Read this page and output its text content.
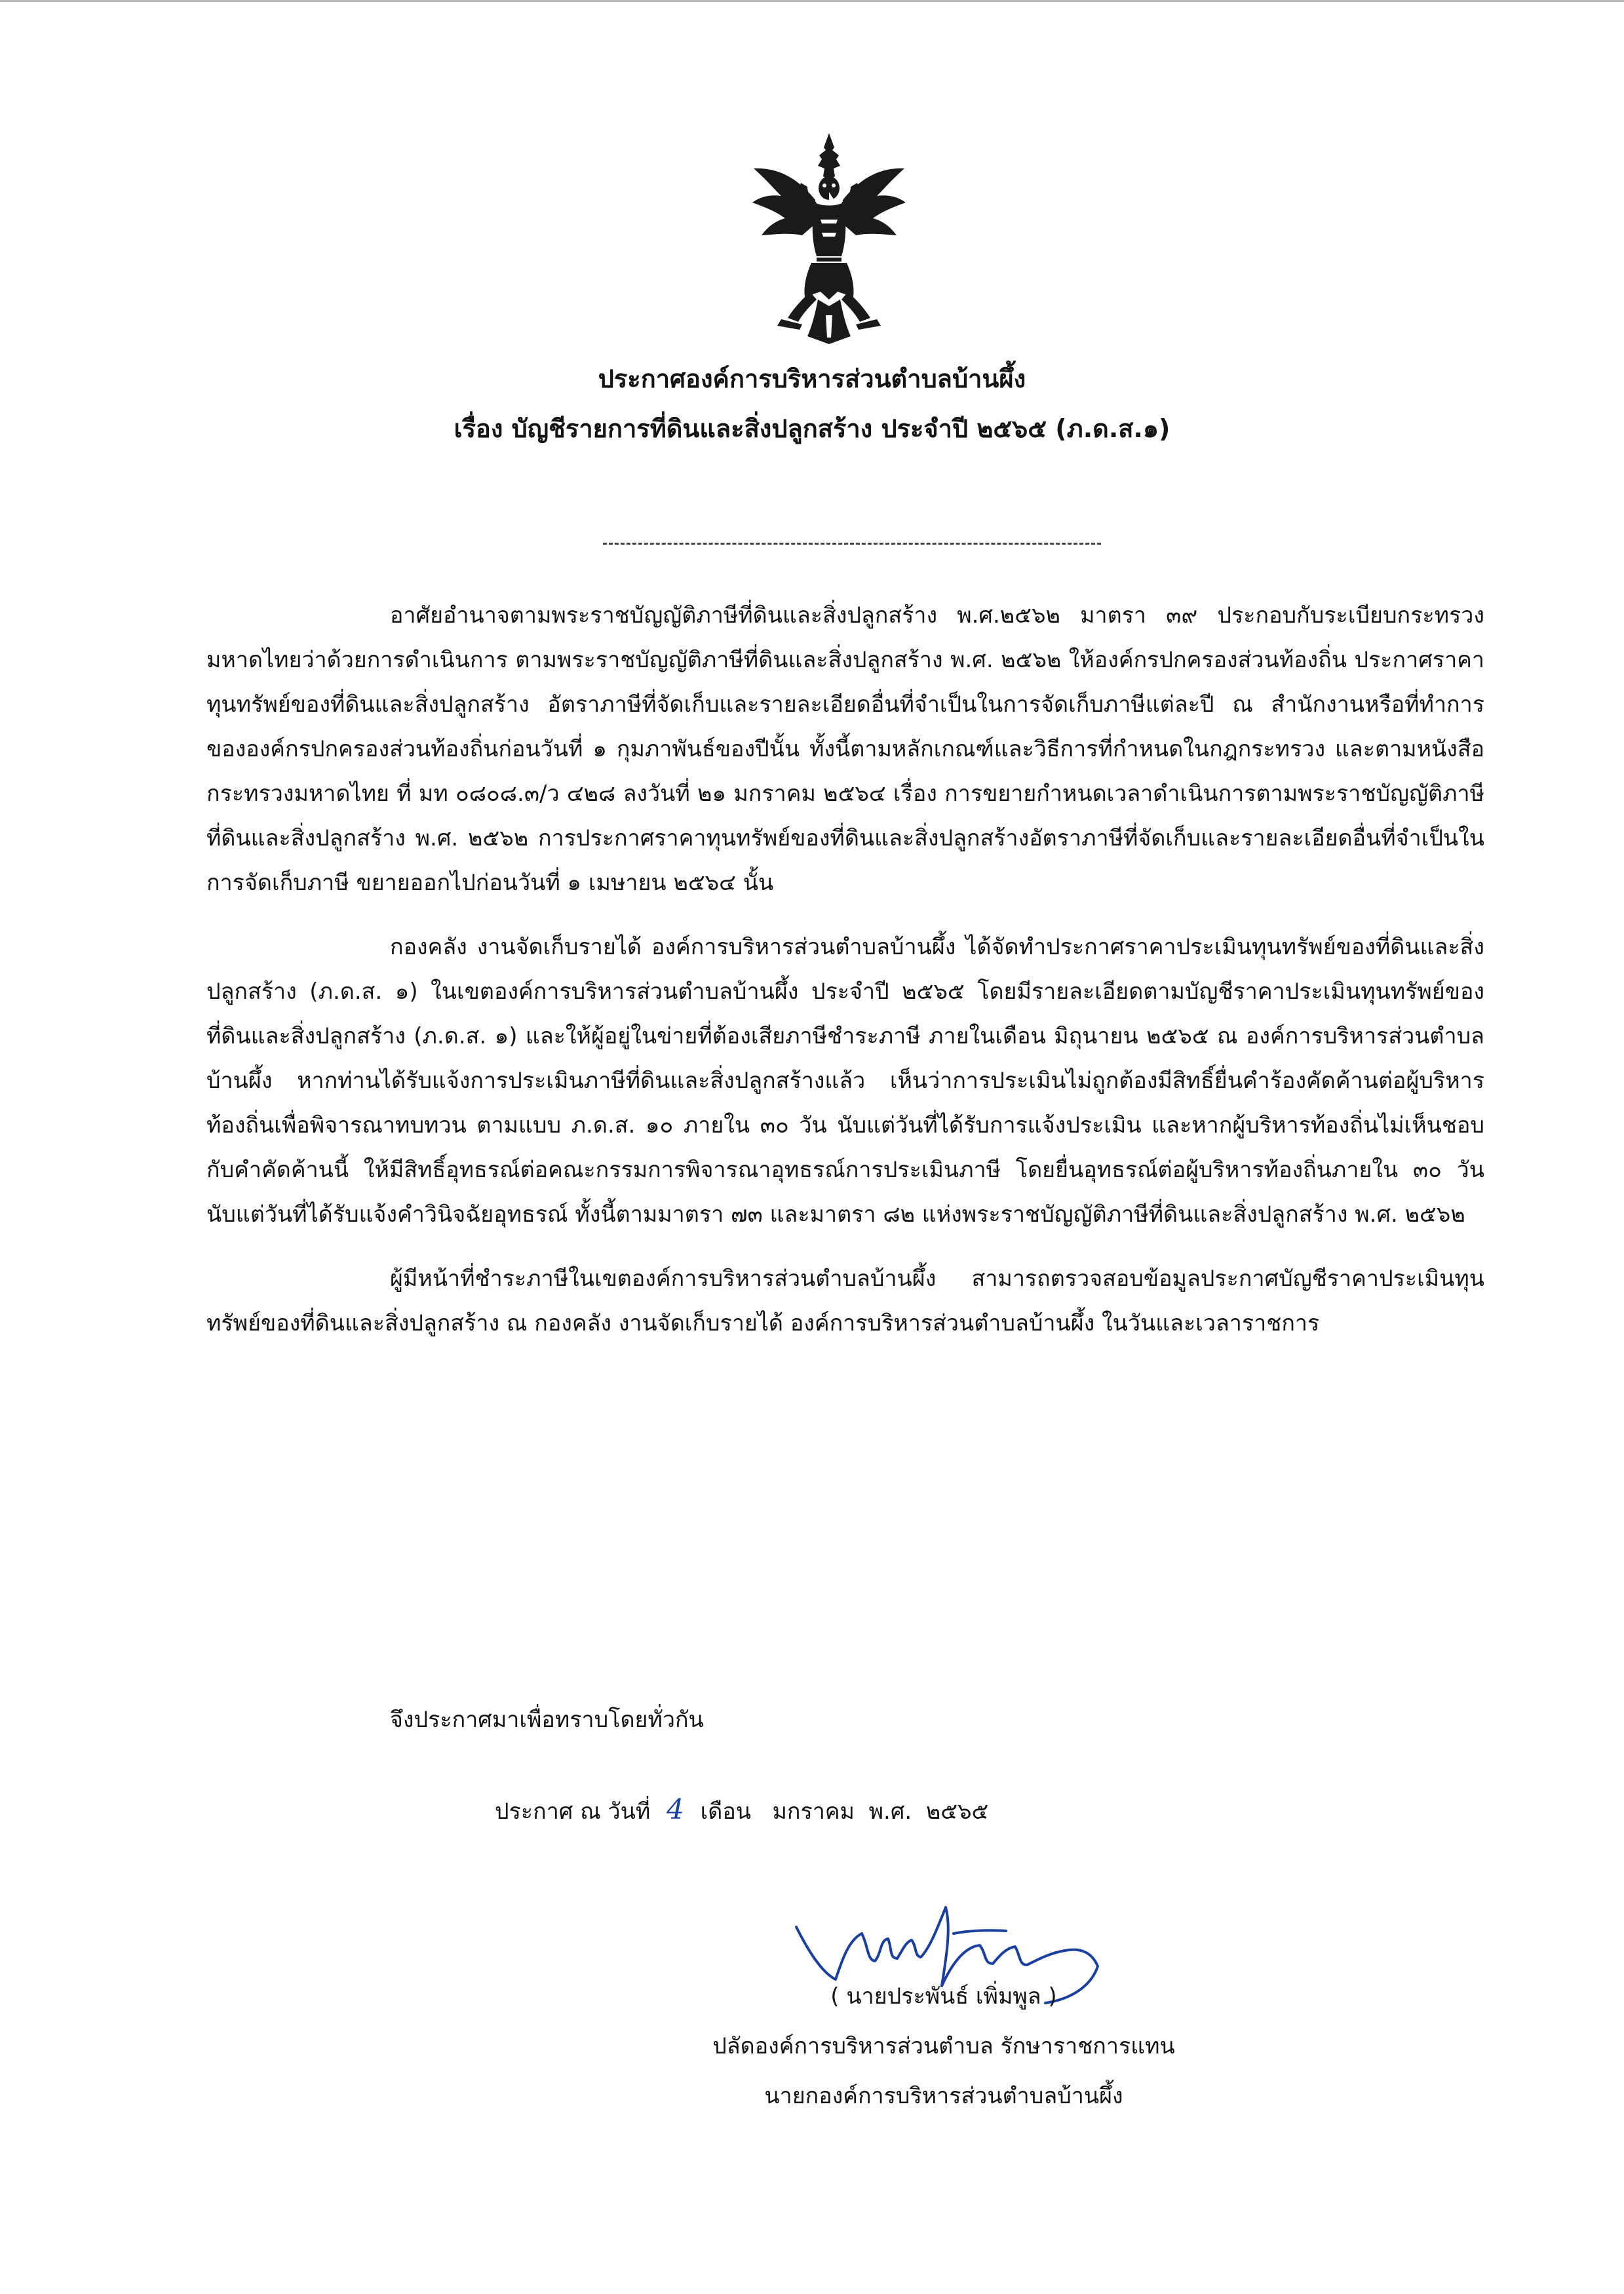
ประกาศองค์การบริหารส่วนตำบลบ้านผึ้ง
เรื่อง บัญชีรายการที่ดินและสิ่งปลูกสร้าง ประจำปี ๒๕๖๕ (ภ.ด.ส.๑)

อาศัยอำนาจตามพระราชบัญญัติภาษีที่ดินและสิ่งปลูกสร้าง พ.ศ.๒๕๖๒ มาตรา ๓๙ ประกอบกับระเบียบกระทรวงมหาดไทยว่าด้วยการดำเนินการ ตามพระราชบัญญัติภาษีที่ดินและสิ่งปลูกสร้าง พ.ศ. ๒๕๖๒ ให้องค์กรปกครองส่วนท้องถิ่น ประกาศราคาทุนทรัพย์ของที่ดินและสิ่งปลูกสร้าง อัตราภาษีที่จัดเก็บและรายละเอียดอื่นที่จำเป็นในการจัดเก็บภาษีแต่ละปี ณ สำนักงานหรือที่ทำการขององค์กรปกครองส่วนท้องถิ่นก่อนวันที่ ๑ กุมภาพันธ์ของปีนั้น ทั้งนี้ตามหลักเกณฑ์และวิธีการที่กำหนดในกฎกระทรวง และตามหนังสือกระทรวงมหาดไทย ที่ มท ๐๘๐๘.๓/ว ๔๒๘ ลงวันที่ ๒๑ มกราคม ๒๕๖๔ เรื่อง การขยายกำหนดเวลาดำเนินการตามพระราชบัญญัติภาษีที่ดินและสิ่งปลูกสร้าง พ.ศ. ๒๕๖๒ การประกาศราคาทุนทรัพย์ของที่ดินและสิ่งปลูกสร้างอัตราภาษีที่จัดเก็บและรายละเอียดอื่นที่จำเป็นในการจัดเก็บภาษี ขยายออกไปก่อนวันที่ ๑ เมษายน ๒๕๖๔ นั้น

กองคลัง งานจัดเก็บรายได้ องค์การบริหารส่วนตำบลบ้านผึ้ง ได้จัดทำประกาศราคาประเมินทุนทรัพย์ของที่ดินและสิ่งปลูกสร้าง (ภ.ด.ส. ๑) ในเขตองค์การบริหารส่วนตำบลบ้านผึ้ง ประจำปี ๒๕๖๕ โดยมีรายละเอียดตามบัญชีราคาประเมินทุนทรัพย์ของที่ดินและสิ่งปลูกสร้าง (ภ.ด.ส. ๑) และให้ผู้อยู่ในข่ายที่ต้องเสียภาษีชำระภาษี ภายในเดือน มิถุนายน ๒๕๖๕ ณ องค์การบริหารส่วนตำบลบ้านผึ้ง หากท่านได้รับแจ้งการประเมินภาษีที่ดินและสิ่งปลูกสร้างแล้ว เห็นว่าการประเมินไม่ถูกต้องมีสิทธิ์ยื่นคำร้องคัดค้านต่อผู้บริหารท้องถิ่นเพื่อพิจารณาทบทวน ตามแบบ ภ.ด.ส. ๑๐ ภายใน ๓๐ วัน นับแต่วันที่ได้รับการแจ้งประเมิน และหากผู้บริหารท้องถิ่นไม่เห็นชอบกับคำคัดค้านนี้ ให้มีสิทธิ์อุทธรณ์ต่อคณะกรรมการพิจารณาอุทธรณ์การประเมินภาษี โดยยื่นอุทธรณ์ต่อผู้บริหารท้องถิ่นภายใน ๓๐ วัน นับแต่วันที่ได้รับแจ้งคำวินิจฉัยอุทธรณ์ ทั้งนี้ตามมาตรา ๗๓ และมาตรา ๘๒ แห่งพระราชบัญญัติภาษีที่ดินและสิ่งปลูกสร้าง พ.ศ. ๒๕๖๒

ผู้มีหน้าที่ชำระภาษีในเขตองค์การบริหารส่วนตำบลบ้านผึ้ง สามารถตรวจสอบข้อมูลประกาศบัญชีราคาประเมินทุนทรัพย์ของที่ดินและสิ่งปลูกสร้าง ณ กองคลัง งานจัดเก็บรายได้ องค์การบริหารส่วนตำบลบ้านผึ้ง ในวันและเวลาราชการ

จึงประกาศมาเพื่อทราบโดยทั่วกัน
ประกาศ ณ วันที่ 4 เดือน มกราคม พ.ศ. ๒๕๖๕
( นายประพันธ์ เพิ่มพูล )
ปลัดองค์การบริหารส่วนตำบล รักษาราชการแทน
นายกองค์การบริหารส่วนตำบลบ้านผึ้ง
